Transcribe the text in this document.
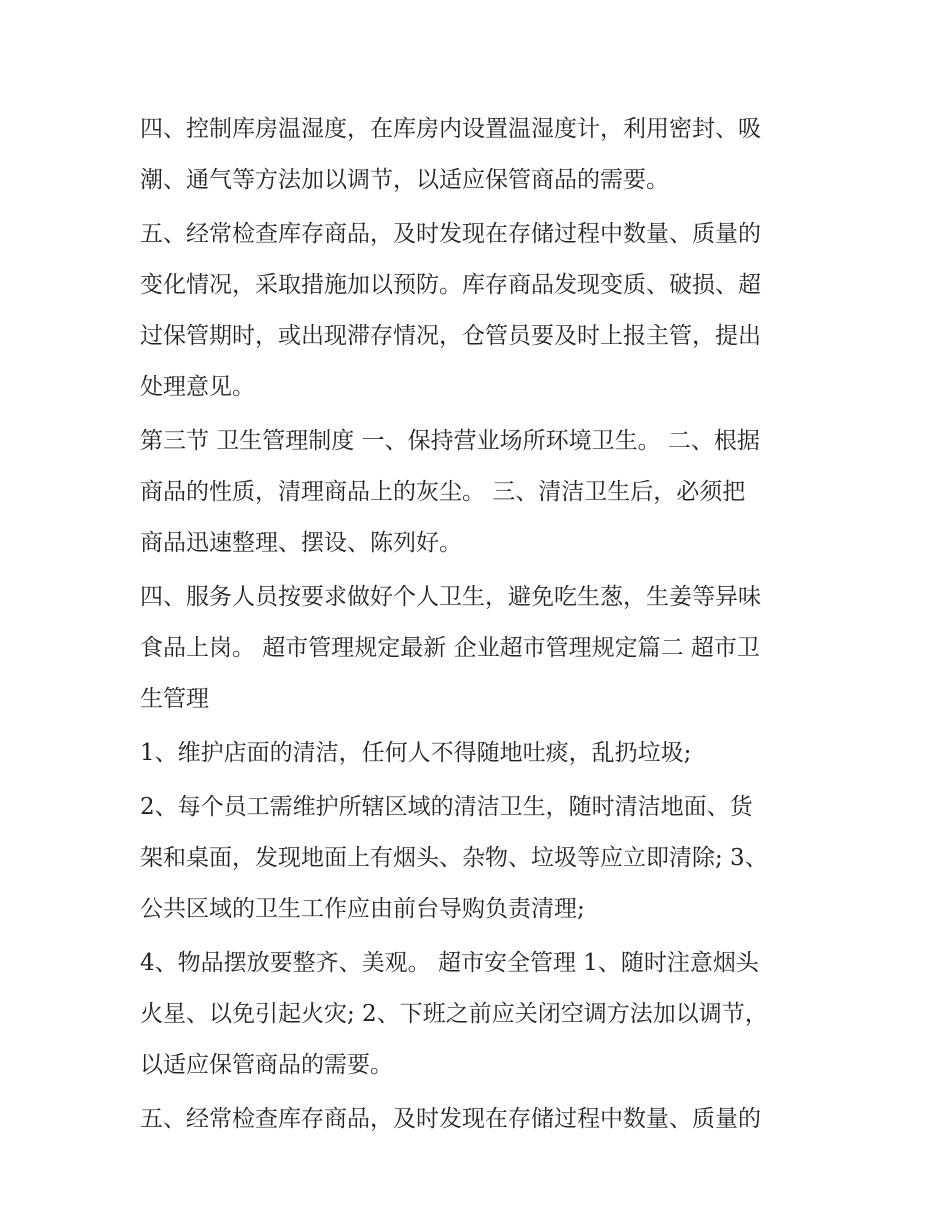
四、控制库房温湿度，在库房内设置温湿度计，利用密封、吸
潮、通气等方法加以调节，以适应保管商品的需要。

五、经常检查库存商品，及时发现在存储过程中数量、质量的
变化情况，采取措施加以预防。库存商品发现变质、破损、超
过保管期时，或出现滞存情况，仓管员要及时上报主管，提出
处理意见。

第三节 卫生管理制度 一、保持营业场所环境卫生。 二、根据
商品的性质，清理商品上的灰尘。 三、清洁卫生后，必须把
商品迅速整理、摆设、陈列好。

四、服务人员按要求做好个人卫生，避免吃生葱，生姜等异味
食品上岗。 超市管理规定最新 企业超市管理规定篇二 超市卫
生管理

1、维护店面的清洁，任何人不得随地吐痰，乱扔垃圾;

2、每个员工需维护所辖区域的清洁卫生，随时清洁地面、货
架和桌面，发现地面上有烟头、杂物、垃圾等应立即清除; 3、
公共区域的卫生工作应由前台导购负责清理;

4、物品摆放要整齐、美观。 超市安全管理 1、随时注意烟头
火星、以免引起火灾; 2、下班之前应关闭空调方法加以调节，
以适应保管商品的需要。

五、经常检查库存商品，及时发现在存储过程中数量、质量的
